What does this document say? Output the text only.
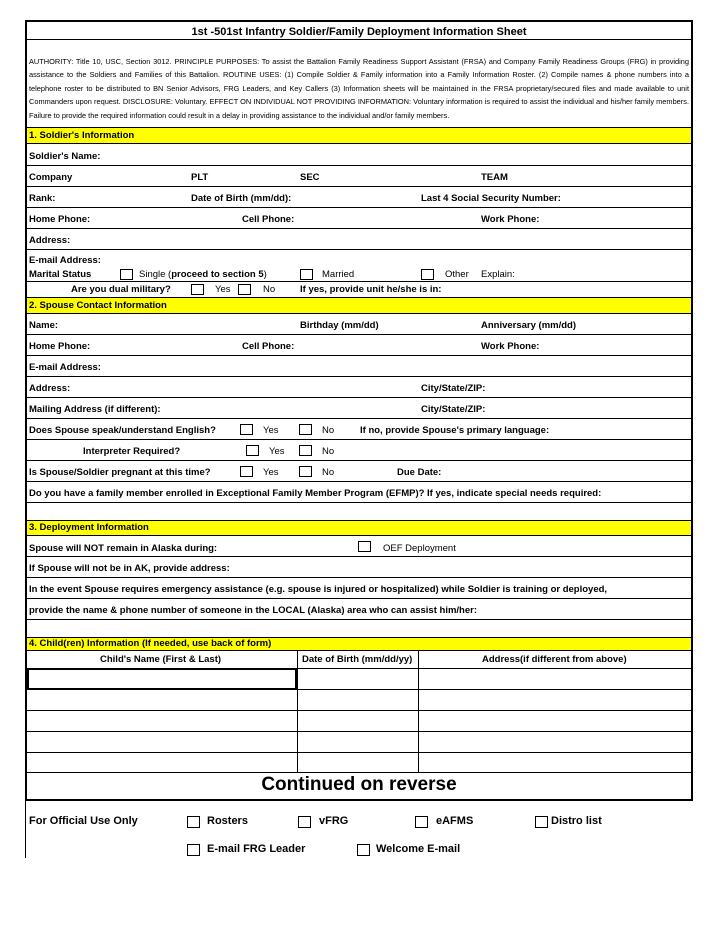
1st -501st Infantry Soldier/Family Deployment Information Sheet
AUTHORITY: Title 10, USC, Section 3012. PRINCIPLE PURPOSES: To assist the Battalion Family Readiness Support Assistant (FRSA) and Company Family Readiness Groups (FRG) in providing assistance to the Soldiers and Families of this Battalion. ROUTINE USES: (1) Compile Soldier & Family information into a Family Information Roster. (2) Compile names & phone numbers into a telephone roster to be distributed to BN Senior Advisors, FRG Leaders, and Key Callers (3) Information sheets will be maintained in the FRSA proprietary/secured files and made available to unit Commanders upon request. DISCLOSURE: Voluntary. EFFECT ON INDIVIDUAL NOT PROVIDING INFORMATION: Voluntary information is required to assist the individual and his/her family members. Failure to provide the required information could result in a delay in providing assistance to the individual and/or family members.
1. Soldier's Information
Soldier's Name:
Company	PLT	SEC	TEAM
Rank:	Date of Birth (mm/dd):	Last 4 Social Security Number:
Home Phone:	Cell Phone:	Work Phone:
Address:
E-mail Address:
Marital Status	Single (proceed to section 5)	Married	Other Explain:
Are you dual military?	Yes	No	If yes, provide unit he/she is in:
2. Spouse Contact Information
Name:	Birthday (mm/dd)	Anniversary (mm/dd)
Home Phone:	Cell Phone:	Work Phone:
E-mail Address:
Address:	City/State/ZIP:
Mailing Address (if different):	City/State/ZIP:
Does Spouse speak/understand English?	Yes	No	If no, provide Spouse's primary language:
Interpreter Required?	Yes	No
Is Spouse/Soldier pregnant at this time?	Yes	No	Due Date:
Do you have a family member enrolled in Exceptional Family Member Program (EFMP)? If yes, indicate special needs required:
3. Deployment Information
Spouse will NOT remain in Alaska during:	OEF Deployment
If Spouse will not be in AK, provide address:
In the event Spouse requires emergency assistance (e.g. spouse is injured or hospitalized) while Soldier is training or deployed,
provide the name & phone number of someone in the LOCAL (Alaska) area who can assist him/her:
4. Child(ren) Information (If needed, use back of form)
Child's Name (First & Last)	Date of Birth (mm/dd/yy)	Address(if different from above)
Continued on reverse
For Official Use Only	Rosters	vFRG	eAFMS	Distro list
E-mail FRG Leader	Welcome E-mail
